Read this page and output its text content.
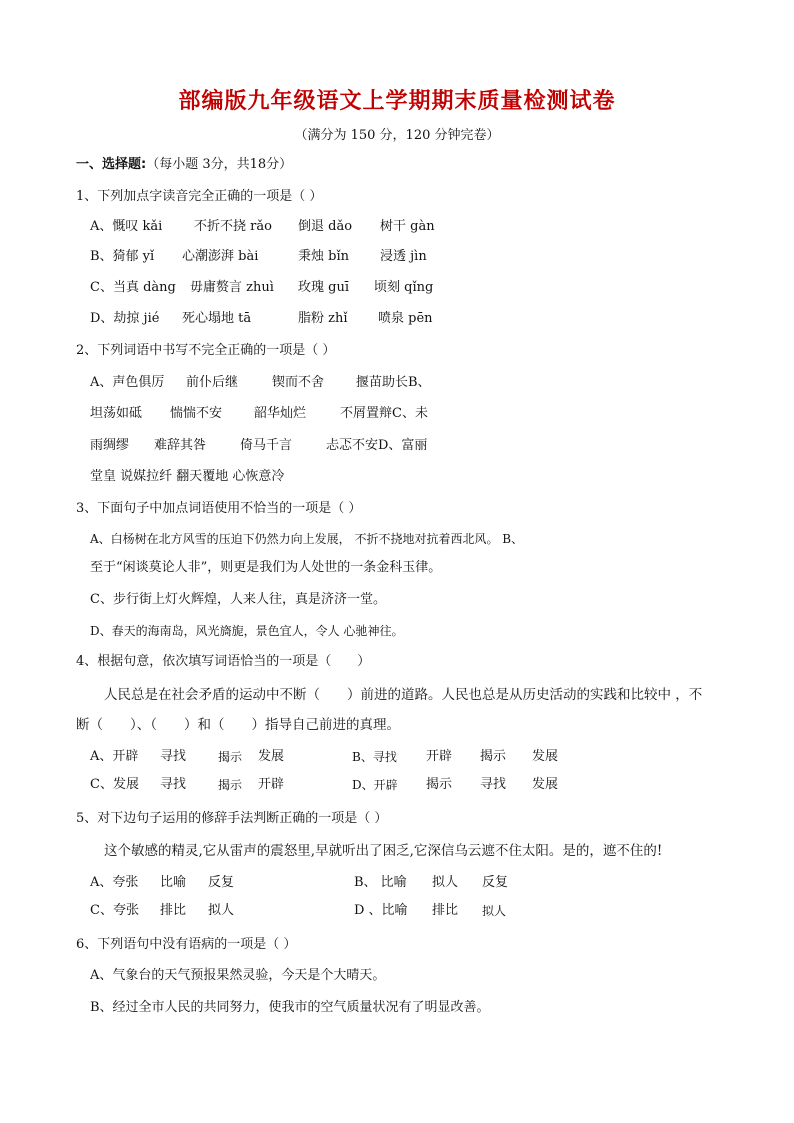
部编版九年级语文上学期期末质量检测试卷
（满分为 150 分，120 分钟完卷）
一、选择题:（每小题 3分，共18分）
1、下列加点字读音完全正确的一项是（ ）
A、慨叹 kǎi 不折不挠 rǎo 倒退 dǎo 树干 gàn
B、猗郁 yǐ 心潮澎湃 bài	秉烛 bǐn 浸透 jìn
C、当真 dàng 毋庸赘言 zhuì 玫瑰 guī 顷刻 qǐng
D、劫掠 jié 死心塌地 tā	脂粉 zhǐ 喷泉 pēn
2、下列词语中书写不完全正确的一项是（ ）
A、声色俱厉 前仆后继	锲而不舍 揠苗助长B、
坦荡如砥 惴惴不安 韶华灿烂	不屑置辩C、未
雨绸缪 难辞其咎	倚马千言	忐忑不安D、富丽
堂皇 说媒拉纤 翻天覆地 心恢意冷
3、下面句子中加点词语使用不恰当的一项是（ ）
A、白杨树在北方风雪的压迫下仍然力向上发展， 不折不挠地对抗着西北风。 B、
至于“闲谈莫论人非”，则更是我们为人处世的一条金科玉律。
C、步行街上灯火辉煌，人来人往，真是济济一堂。
D、春天的海南岛，风光旖旎，景色宜人，令人 心驰神往。
4、根据句意，依次填写词语恰当的一项是（　　）
人民总是在社会矛盾的运动中不断（　　）前进的道路。人民也总是从历史活动的实践和比较中 ，不
断（　　）、（　　）和（　　）指导自己前进的真理。
A、开辟 寻找	揭示 发展	B、寻找 开辟 揭示 发展
C、发展 寻找	揭示 开辟	D、开辟 揭示 寻找 发展
5、对下边句子运用的修辞手法判断正确的一项是（ ）
这个敏感的精灵,它从雷声的震怒里,早就听出了困乏,它深信乌云遮不住太阳。是的，遮不住的!
A、夸张 比喻 反复	B、 比喻 拟人 反复
C、夸张 排比 拟人	D 、比喻 排比 拟人
6、下列语句中没有语病的一项是（ ）
A、气象台的天气预报果然灵验，今天是个大晴天。
B、经过全市人民的共同努力，使我市的空气质量状况有了明显改善。
